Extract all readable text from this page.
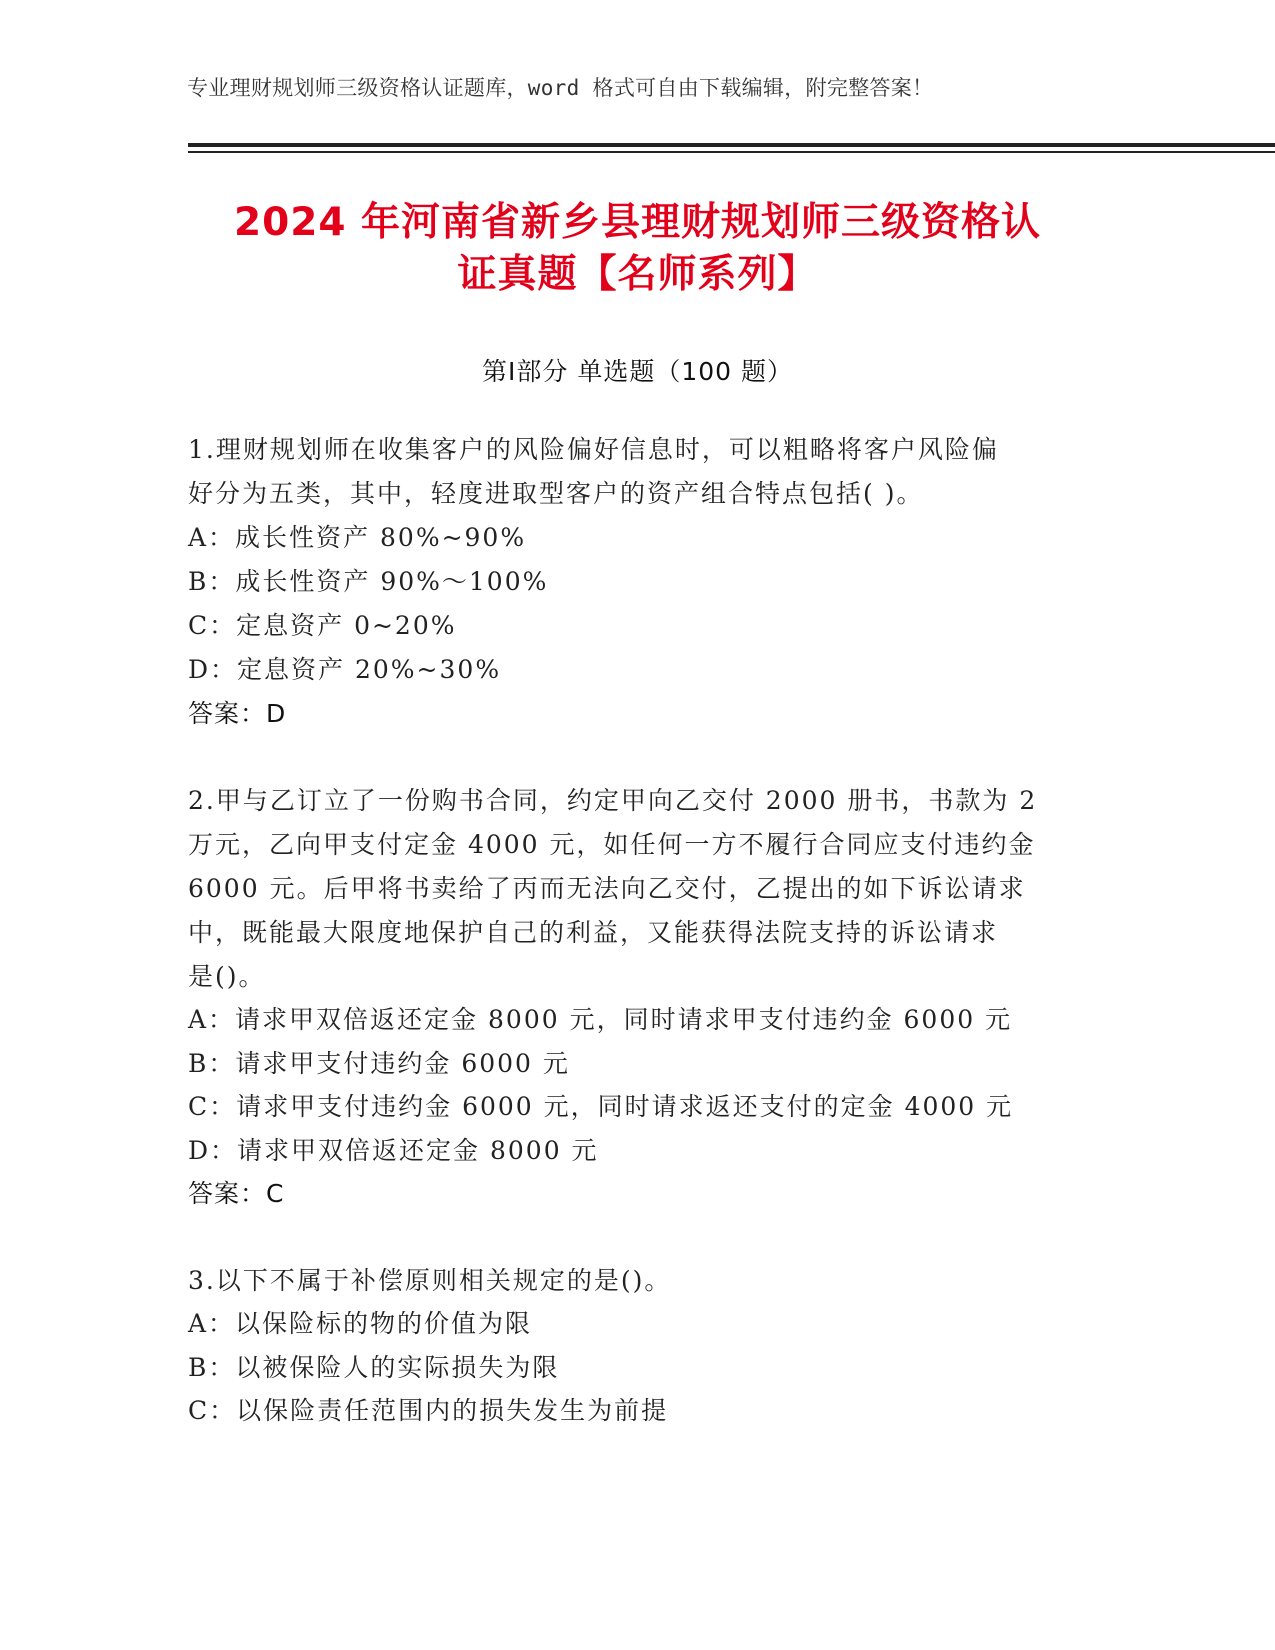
专业理财规划师三级资格认证题库，word 格式可自由下载编辑，附完整答案！
2024 年河南省新乡县理财规划师三级资格认
证真题【名师系列】
第Ⅰ部分 单选题（100 题）
1.理财规划师在收集客户的风险偏好信息时，可以粗略将客户风险偏
好分为五类，其中，轻度进取型客户的资产组合特点包括( )。
A：成长性资产 80%~90%
B：成长性资产 90%～100%
C：定息资产 0~20%
D：定息资产 20%~30%
答案：D
2.甲与乙订立了一份购书合同，约定甲向乙交付 2000 册书，书款为 2
万元，乙向甲支付定金 4000 元，如任何一方不履行合同应支付违约金
6000 元。后甲将书卖给了丙而无法向乙交付，乙提出的如下诉讼请求
中，既能最大限度地保护自己的利益，又能获得法院支持的诉讼请求
是()。
A：请求甲双倍返还定金 8000 元，同时请求甲支付违约金 6000 元
B：请求甲支付违约金 6000 元
C：请求甲支付违约金 6000 元，同时请求返还支付的定金 4000 元
D：请求甲双倍返还定金 8000 元
答案：C
3.以下不属于补偿原则相关规定的是()。
A：以保险标的物的价值为限
B：以被保险人的实际损失为限
C：以保险责任范围内的损失发生为前提
